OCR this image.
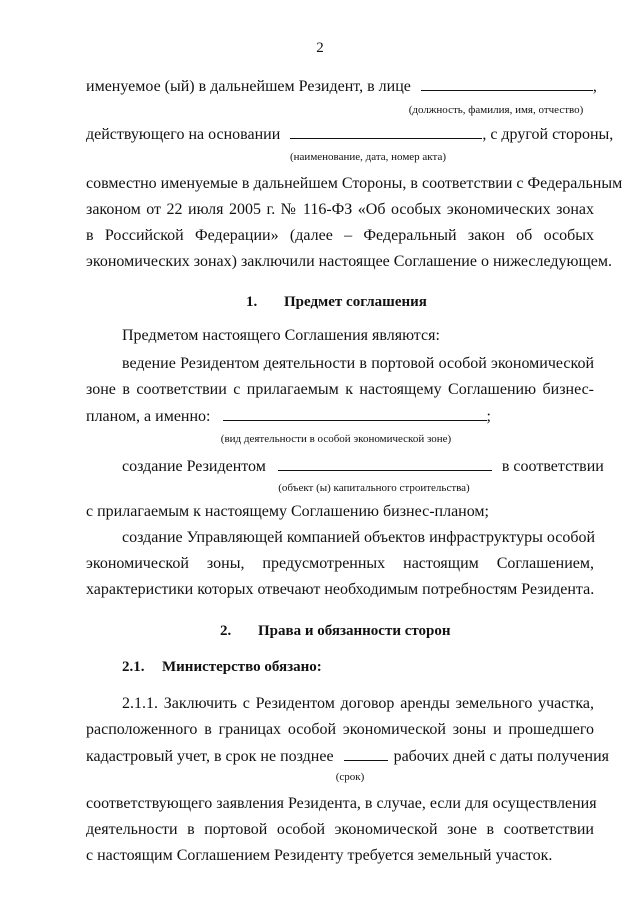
2
именуемое (ый) в дальнейшем Резидент, в лице	,
(должность, фамилия, имя, отчество)
действующего на основании	, с другой стороны,
(наименование, дата, номер акта)
совместно именуемые в дальнейшем Стороны, в соответствии с Федеральным
законом от 22 июля 2005 г. № 116-ФЗ «Об особых экономических зонах
в Российской Федерации» (далее – Федеральный закон об особых
экономических зонах) заключили настоящее Соглашение о нижеследующем.
1. Предмет соглашения
Предметом настоящего Соглашения являются:
ведение Резидентом деятельности в портовой особой экономической
зоне в соответствии с прилагаемым к настоящему Соглашению бизнес-
планом, а именно:	;
(вид деятельности в особой экономической зоне)
создание Резидентом	в соответствии
(объект (ы) капитального строительства)
с прилагаемым к настоящему Соглашению бизнес-планом;
создание Управляющей компанией объектов инфраструктуры особой
экономической зоны, предусмотренных настоящим Соглашением,
характеристики которых отвечают необходимым потребностям Резидента.
2. Права и обязанности сторон
2.1. Министерство обязано:
2.1.1. Заключить с Резидентом договор аренды земельного участка,
расположенного в границах особой экономической зоны и прошедшего
кадастровый учет, в срок не позднее	рабочих дней с даты получения
(срок)
соответствующего заявления Резидента, в случае, если для осуществления
деятельности в портовой особой экономической зоне в соответствии
с настоящим Соглашением Резиденту требуется земельный участок.
